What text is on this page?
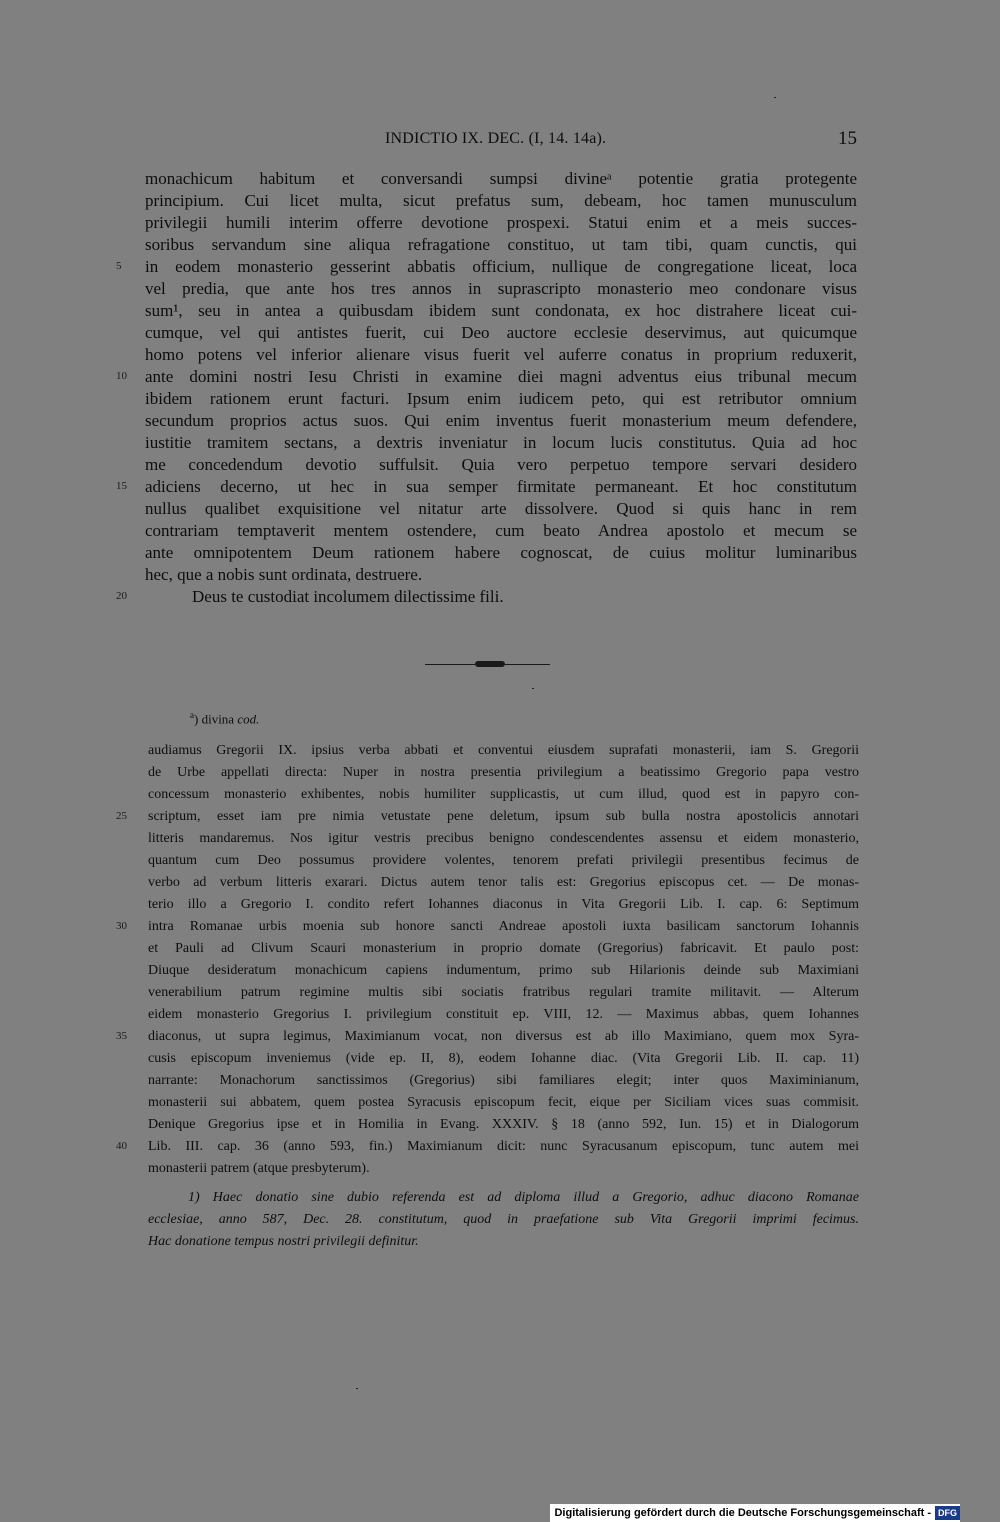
INDICTIO IX. DEC. (I, 14. 14a).	15
monachicum habitum et conversandi sumpsi divineᵃ potentie gratia protegente
principium. Cui licet multa, sicut prefatus sum, debeam, hoc tamen munusculum
privilegii humili interim offerre devotione prospexi. Statui enim et a meis succes-
soribus servandum sine aliqua refragatione constituo, ut tam tibi, quam cunctis, qui
in eodem monasterio gesserint abbatis officium, nullique de congregatione liceat, loca
vel predia, que ante hos tres annos in suprascripto monasterio meo condonare visus
sum¹, seu in antea a quibusdam ibidem sunt condonata, ex hoc distrahere liceat cui-
cumque, vel qui antistes fuerit, cui Deo auctore ecclesie deservimus, aut quicumque
homo potens vel inferior alienare visus fuerit vel auferre conatus in proprium reduxerit,
ante domini nostri Iesu Christi in examine diei magni adventus eius tribunal mecum
ibidem rationem erunt facturi. Ipsum enim iudicem peto, qui est retributor omnium
secundum proprios actus suos. Qui enim inventus fuerit monasterium meum defendere,
iustitie tramitem sectans, a dextris inveniatur in locum lucis constitutus. Quia ad hoc
me concedendum devotio suffulsit. Quia vero perpetuo tempore servari desidero
adiciens decerno, ut hec in sua semper firmitate permaneant. Et hoc constitutum
nullus qualibet exquisitione vel nitatur arte dissolvere. Quod si quis hanc in rem
contrariam temptaverit mentem ostendere, cum beato Andrea apostolo et mecum se
ante omnipotentem Deum rationem habere cognoscat, de cuius molitur luminaribus
hec, que a nobis sunt ordinata, destruere.
Deus te custodiat incolumem dilectissime fili.
5
10
15
20
$^a$) divina cod.
audiamus Gregorii IX. ipsius verba abbati et conventui eiusdem suprafati monasterii, iam S. Gregorii
de Urbe appellati directa: Nuper in nostra presentia privilegium a beatissimo Gregorio papa vestro
concessum monasterio exhibentes, nobis humiliter supplicastis, ut cum illud, quod est in papyro con-
scriptum, esset iam pre nimia vetustate pene deletum, ipsum sub bulla nostra apostolicis annotari
litteris mandaremus. Nos igitur vestris precibus benigno condescendentes assensu et eidem monasterio,
quantum cum Deo possumus providere volentes, tenorem prefati privilegii presentibus fecimus de
verbo ad verbum litteris exarari. Dictus autem tenor talis est: Gregorius episcopus cet. — De monas-
terio illo a Gregorio I. condito refert Iohannes diaconus in Vita Gregorii Lib. I. cap. 6: Septimum
intra Romanae urbis moenia sub honore sancti Andreae apostoli iuxta basilicam sanctorum Iohannis
et Pauli ad Clivum Scauri monasterium in proprio domate (Gregorius) fabricavit. Et paulo post:
Diuque desideratum monachicum capiens indumentum, primo sub Hilarionis deinde sub Maximiani
venerabilium patrum regimine multis sibi sociatis fratribus regulari tramite militavit. — Alterum
eidem monasterio Gregorius I. privilegium constituit ep. VIII, 12. — Maximus abbas, quem Iohannes
diaconus, ut supra legimus, Maximianum vocat, non diversus est ab illo Maximiano, quem mox Syra-
cusis episcopum inveniemus (vide ep. II, 8), eodem Iohanne diac. (Vita Gregorii Lib. II. cap. 11)
narrante: Monachorum sanctissimos (Gregorius) sibi familiares elegit; inter quos Maximinianum,
monasterii sui abbatem, quem postea Syracusis episcopum fecit, eique per Siciliam vices suas commisit.
Denique Gregorius ipse et in Homilia in Evang. XXXIV. § 18 (anno 592, Iun. 15) et in Dialogorum
Lib. III. cap. 36 (anno 593, fin.) Maximianum dicit: nunc Syracusanum episcopum, tunc autem mei
monasterii patrem (atque presbyterum).
25
30
35
40
1) Haec donatio sine dubio referenda est ad diploma illud a Gregorio, adhuc diacono Romanae
ecclesiae, anno 587, Dec. 28. constitutum, quod in praefatione sub Vita Gregorii imprimi fecimus.
Hac donatione tempus nostri privilegii definitur.
Digitalisierung gefördert durch die Deutsche Forschungsgemeinschaft - DFG
